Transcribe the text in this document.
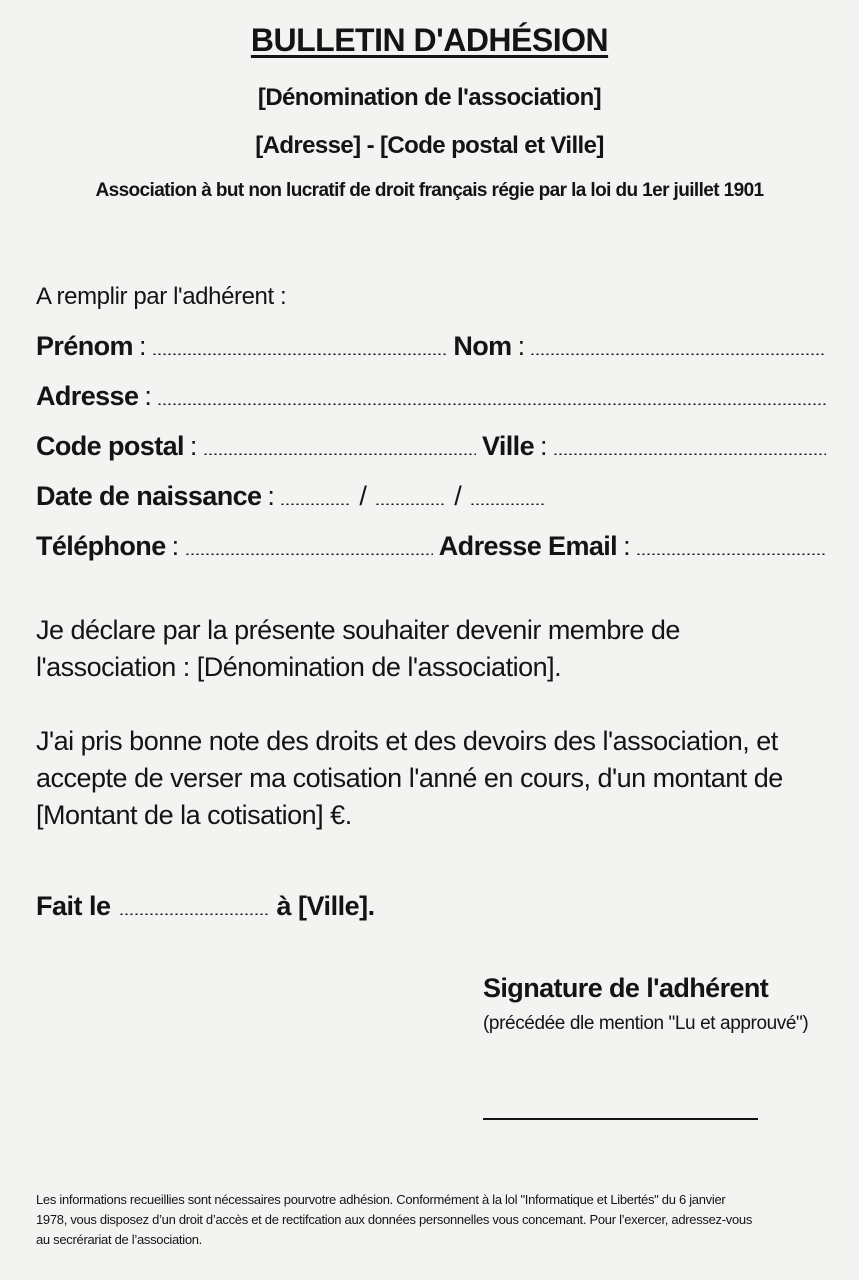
BULLETIN D'ADHÉSION
[Dénomination de l'association]
[Adresse] - [Code postal et Ville]
Association à but non lucratif de droit français régie par la loi du 1er juillet 1901
A remplir par l'adhérent :
Prénom :	Nom :
Adresse :
Code postal :	Ville :
Date de naissance :	/	/
Téléphone :	Adresse Email :

Je déclare par la présente souhaiter devenir membre de

l'association : [Dénomination de l'association].

J'ai pris bonne note des droits et des devoirs des l'association, et

accepte de verser ma cotisation l'anné en cours, d'un montant de

[Montant de la cotisation] €.

Fait le	à [Ville].
Signature de l'adhérent
(précédée dle mention "Lu et approuvé")

Les informations recueillies sont nécessaires pourvotre adhésion. Conformément à la lol "Informatique et Libertés" du 6 janvier

1978, vous disposez d’un droit d’accès et de rectifcation aux données personnelles vous concemant. Pour l’exercer, adressez-vous

au secrérariat de l’association.
